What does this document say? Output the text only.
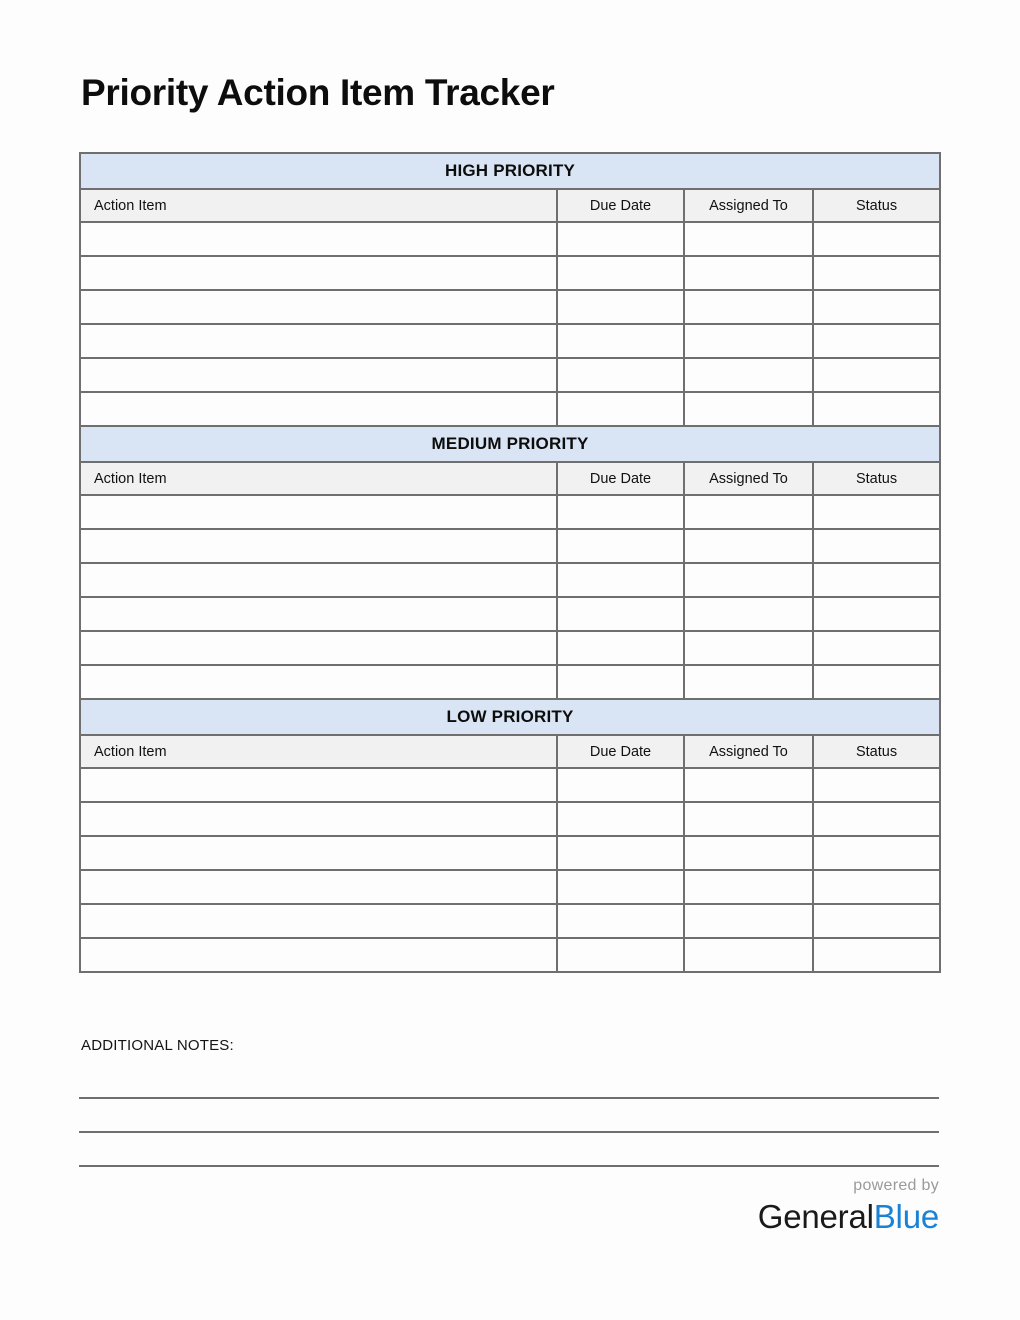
Priority Action Item Tracker
HIGH PRIORITY			
Action Item	Due Date	Assigned To	Status

MEDIUM PRIORITY			
Action Item	Due Date	Assigned To	Status

LOW PRIORITY			
Action Item	Due Date	Assigned To	Status

ADDITIONAL NOTES:
powered by
GeneralBlue
